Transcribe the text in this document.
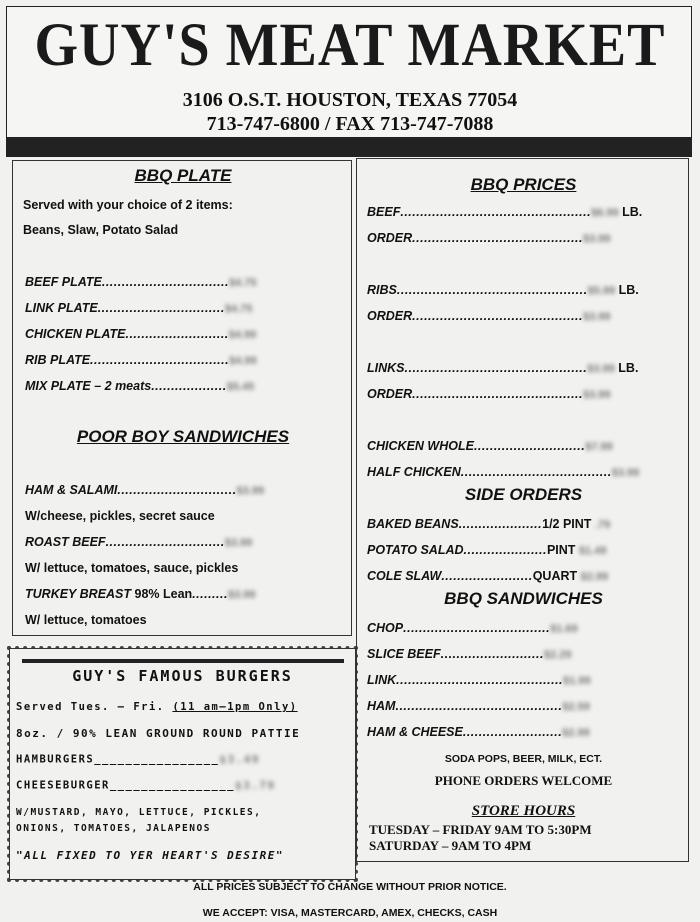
GUY'S MEAT MARKET
3106 O.S.T. HOUSTON, TEXAS 77054
713-747-6800 / FAX 713-747-7088
BBQ PLATE
Served with your choice of 2 items:
Beans, Slaw, Potato Salad
BEEF PLATE................................$4.75
LINK PLATE................................$4.75
CHICKEN PLATE..........................$4.99
RIB PLATE...................................$4.99
MIX PLATE – 2 meats...................$5.45
POOR BOY SANDWICHES
HAM & SALAMI..............................$3.99
W/cheese, pickles, secret sauce
ROAST BEEF..............................$3.99
W/ lettuce, tomatoes, sauce, pickles
TURKEY BREAST 98% Lean.........$3.99
W/ lettuce, tomatoes
GUY'S FAMOUS BURGERS
Served Tues. – Fri. (11 am–1pm Only)
8oz. / 90% LEAN GROUND ROUND PATTIE
HAMBURGERS________________$3.49
CHEESEBURGER________________$3.79
W/MUSTARD, MAYO, LETTUCE, PICKLES,
ONIONS, TOMATOES, JALAPENOS
"ALL FIXED TO YER HEART'S DESIRE"
BBQ PRICES
BEEF................................................$6.99 LB.
ORDER...........................................$3.99
RIBS................................................$5.99 LB.
ORDER...........................................$3.99
LINKS..............................................$3.99 LB.
ORDER...........................................$3.99
CHICKEN WHOLE............................$7.99
HALF CHICKEN......................................$3.99
SIDE ORDERS
BAKED BEANS.....................1/2 PINT .79
POTATO SALAD.....................PINT $1.49
COLE SLAW.......................QUART $2.99
BBQ SANDWICHES
CHOP.....................................$1.69
SLICE BEEF..........................$2.29
LINK..........................................$1.99
HAM..........................................$2.59
HAM & CHEESE.........................$2.99
SODA POPS, BEER, MILK, ECT.
PHONE ORDERS WELCOME
STORE HOURS
TUESDAY – FRIDAY 9AM TO 5:30PM
SATURDAY – 9AM TO 4PM
ALL PRICES SUBJECT TO CHANGE WITHOUT PRIOR NOTICE.
WE ACCEPT: VISA, MASTERCARD, AMEX, CHECKS, CASH
